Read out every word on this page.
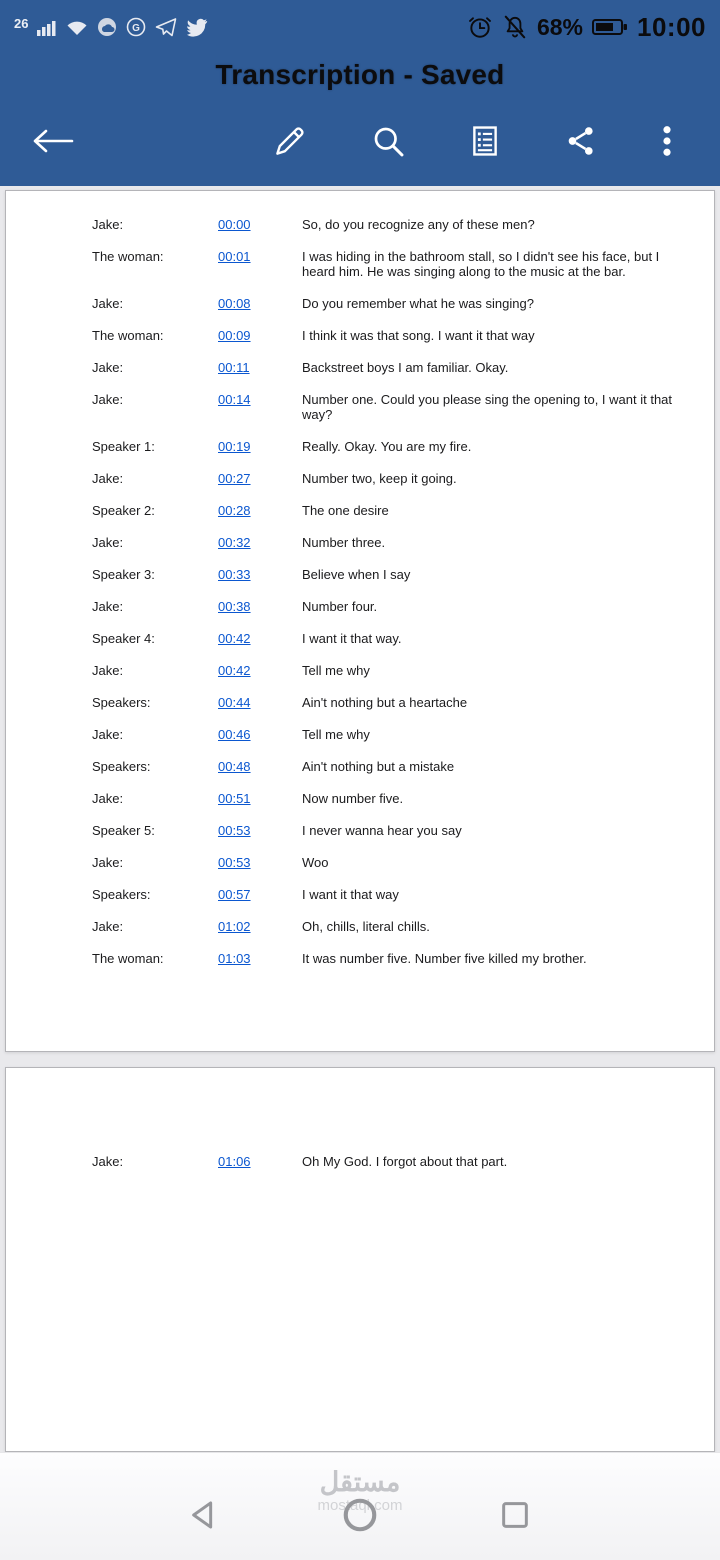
26	G	68% 10:00
Transcription - Saved
Jake:	00:00	So, do you recognize any of these men?
The woman:	00:01	I was hiding in the bathroom stall, so I didn't see his face, but I heard him. He was singing along to the music at the bar.
Jake:	00:08	Do you remember what he was singing?
The woman:	00:09	I think it was that song. I want it that way
Jake:	00:11	Backstreet boys I am familiar. Okay.
Jake:	00:14	Number one. Could you please sing the opening to, I want it that way?
Speaker 1:	00:19	Really. Okay. You are my fire.
Jake:	00:27	Number two, keep it going.
Speaker 2:	00:28	The one desire
Jake:	00:32	Number three.
Speaker 3:	00:33	Believe when I say
Jake:	00:38	Number four.
Speaker 4:	00:42	I want it that way.
Jake:	00:42	Tell me why
Speakers:	00:44	Ain't nothing but a heartache
Jake:	00:46	Tell me why
Speakers:	00:48	Ain't nothing but a mistake
Jake:	00:51	Now number five.
Speaker 5:	00:53	I never wanna hear you say
Jake:	00:53	Woo
Speakers:	00:57	I want it that way
Jake:	01:02	Oh, chills, literal chills.
The woman:	01:03	It was number five. Number five killed my brother.
Jake:	01:06	Oh My God. I forgot about that part.
مستقل
mostaql.com
